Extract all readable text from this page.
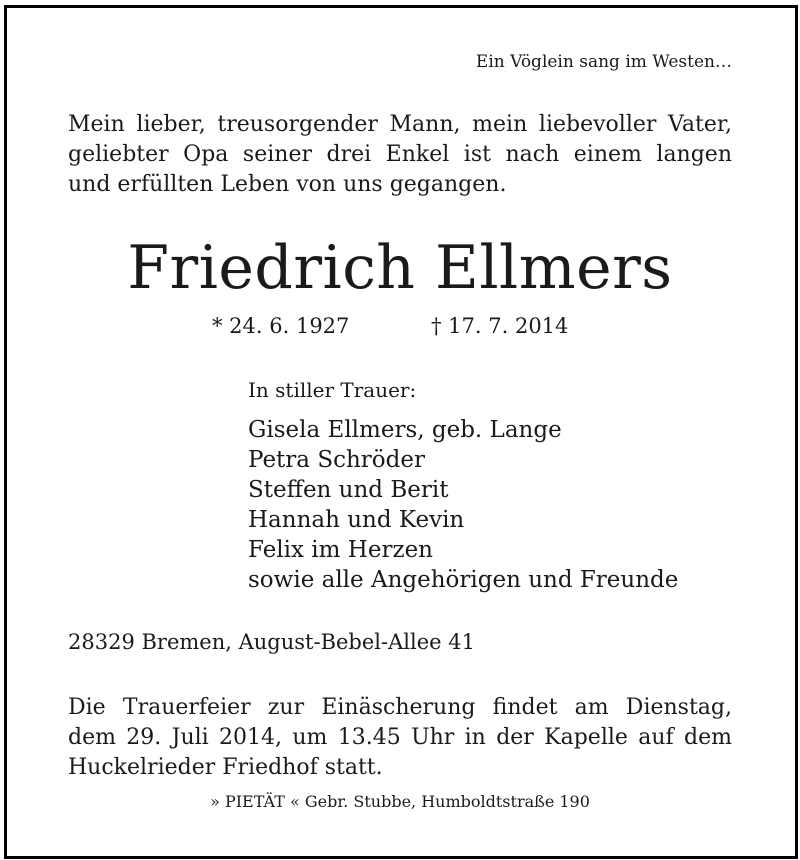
Ein Vöglein sang im Westen…
Mein lieber, treusorgender Mann, mein liebevoller Vater,
geliebter Opa seiner drei Enkel ist nach einem langen
und erfüllten Leben von uns gegangen.
Friedrich Ellmers
* 24. 6. 1927	† 17. 7. 2014
In stiller Trauer:
Gisela Ellmers, geb. Lange
Petra Schröder
Steffen und Berit
Hannah und Kevin
Felix im Herzen
sowie alle Angehörigen und Freunde
28329 Bremen, August-Bebel-Allee 41
Die Trauerfeier zur Einäscherung findet am Dienstag,
dem 29. Juli 2014, um 13.45 Uhr in der Kapelle auf dem
Huckelrieder Friedhof statt.
» PIETÄT « Gebr. Stubbe, Humboldtstraße 190
